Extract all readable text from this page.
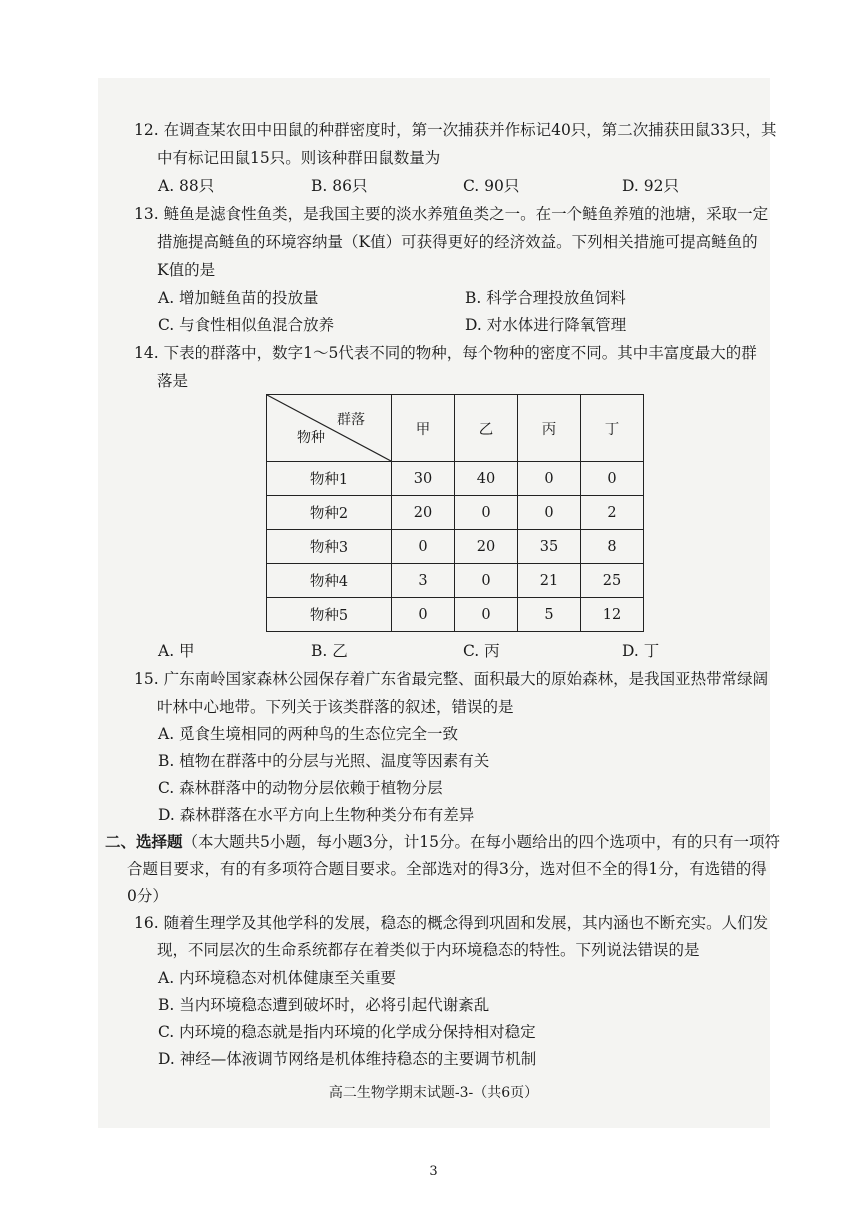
12. 在调查某农田中田鼠的种群密度时，第一次捕获并作标记40只，第二次捕获田鼠33只，其
中有标记田鼠15只。则该种群田鼠数量为
A. 88只	B. 86只	C. 90只	D. 92只
13. 鲢鱼是滤食性鱼类，是我国主要的淡水养殖鱼类之一。在一个鲢鱼养殖的池塘，采取一定
措施提高鲢鱼的环境容纳量（K值）可获得更好的经济效益。下列相关措施可提高鲢鱼的
K值的是
A. 增加鲢鱼苗的投放量	B. 科学合理投放鱼饲料
C. 与食性相似鱼混合放养	D. 对水体进行降氧管理
14. 下表的群落中，数字1～5代表不同的物种，每个物种的密度不同。其中丰富度最大的群
落是
群落
物种	甲	乙	丙	丁
物种1	30	40	0	0
物种2	20	0	0	2
物种3	0	20	35	8
物种4	3	0	21	25
物种5	0	0	5	12
A. 甲	B. 乙	C. 丙	D. 丁
15. 广东南岭国家森林公园保存着广东省最完整、面积最大的原始森林，是我国亚热带常绿阔
叶林中心地带。下列关于该类群落的叙述，错误的是
A. 觅食生境相同的两种鸟的生态位完全一致
B. 植物在群落中的分层与光照、温度等因素有关
C. 森林群落中的动物分层依赖于植物分层
D. 森林群落在水平方向上生物种类分布有差异
二、选择题（本大题共5小题，每小题3分，计15分。在每小题给出的四个选项中，有的只有一项符
合题目要求，有的有多项符合题目要求。全部选对的得3分，选对但不全的得1分，有选错的得
0分）
16. 随着生理学及其他学科的发展，稳态的概念得到巩固和发展，其内涵也不断充实。人们发
现，不同层次的生命系统都存在着类似于内环境稳态的特性。下列说法错误的是
A. 内环境稳态对机体健康至关重要
B. 当内环境稳态遭到破坏时，必将引起代谢紊乱
C. 内环境的稳态就是指内环境的化学成分保持相对稳定
D. 神经—体液调节网络是机体维持稳态的主要调节机制
高二生物学期末试题-3-（共6页）
3
